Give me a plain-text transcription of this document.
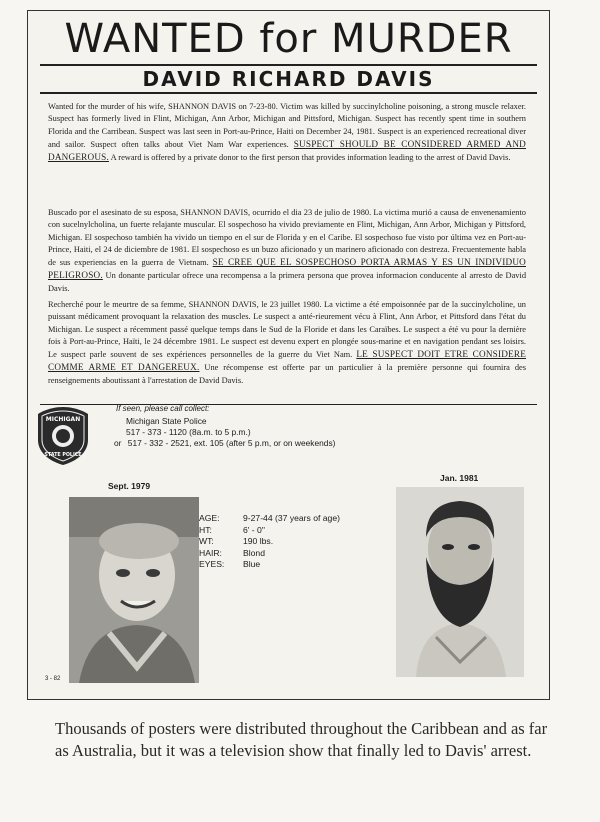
WANTED for MURDER
DAVID RICHARD DAVIS
Wanted for the murder of his wife, SHANNON DAVIS on 7-23-80. Victim was killed by succinylcholine poisoning, a strong muscle relaxer. Suspect has formerly lived in Flint, Michigan, Ann Arbor, Michigan and Pittsford, Michigan. Suspect has recently spent time in southern Florida and the Carribean. Suspect was last seen in Port-au-Prince, Haiti on December 24, 1981. Suspect is an experienced recreational diver and sailor. Suspect often talks about Viet Nam War experiences. SUSPECT SHOULD BE CONSIDERED ARMED AND DANGEROUS. A reward is offered by a private donor to the first person that provides information leading to the arrest of David Davis.
Buscado por el asesinato de su esposa, SHANNON DAVIS, ocurrido el dia 23 de julio de 1980. La victima murió a causa de envenenamiento con sucelnylcholina, un fuerte relajante muscular. El sospechoso ha vivido previamente en Flint, Michigan, Ann Arbor, Michigan y Pittsford, Michigan. El sospechoso también ha vivido un tiempo en el sur de Florida y en el Caribe. El sospechoso fue visto por última vez en Port-au-Prince, Haiti, el 24 de diciembre de 1981. El sospechoso es un buzo aficionado y un marinero aficionado con destreza. Frecuentemente habla de sus experiencias en la guerra de Vietnam. SE CREE QUE EL SOSPECHOSO PORTA ARMAS Y ES UN INDIVIDUO PELIGROSO. Un donante particular ofrece una recompensa a la primera persona que provea informacion conducente al arresto de David Davis.
Recherché pour le meurtre de sa femme, SHANNON DAVIS, le 23 juillet 1980. La victime a été empoisonnée par de la succinylcholine, un puissant médicament provoquant la relaxation des muscles. Le suspect a anté-rieurement vécu à Flint, Ann Arbor, et Pittsford dans l'état du Michigan. Le suspect a récemment passé quelque temps dans le Sud de la Floride et dans les Caraïbes. Le suspect a été vu pour la dernière fois à Port-au-Prince, Haïti, le 24 décembre 1981. Le suspect est devenu expert en plongée sous-marine et en navigation pendant ses loisirs. Le suspect parle souvent de ses expériences personnelles de la guerre du Viet Nam. LE SUSPECT DOIT ETRE CONSIDERE COMME ARME ET DANGEREUX. Une récompense est offerte par un particulier à la première personne qui fournira des renseignements aboutissant à l'arrestation de David Davis.
MICHIGAN
STATE POLICE
If seen, please call collect:
Michigan State Police
517 - 373 - 1120 (8a.m. to 5 p.m.)
or 517 - 332 - 2521, ext. 105 (after 5 p.m, or on weekends)
Sept. 1979
Jan. 1981
AGE:	9-27-44 (37 years of age)
HT:	6' - 0"
WT:	190 lbs.
HAIR:	Blond
EYES:	Blue
3 - 82
Thousands of posters were distributed throughout the Caribbean and as far as Australia, but it was a television show that finally led to Davis' arrest.
